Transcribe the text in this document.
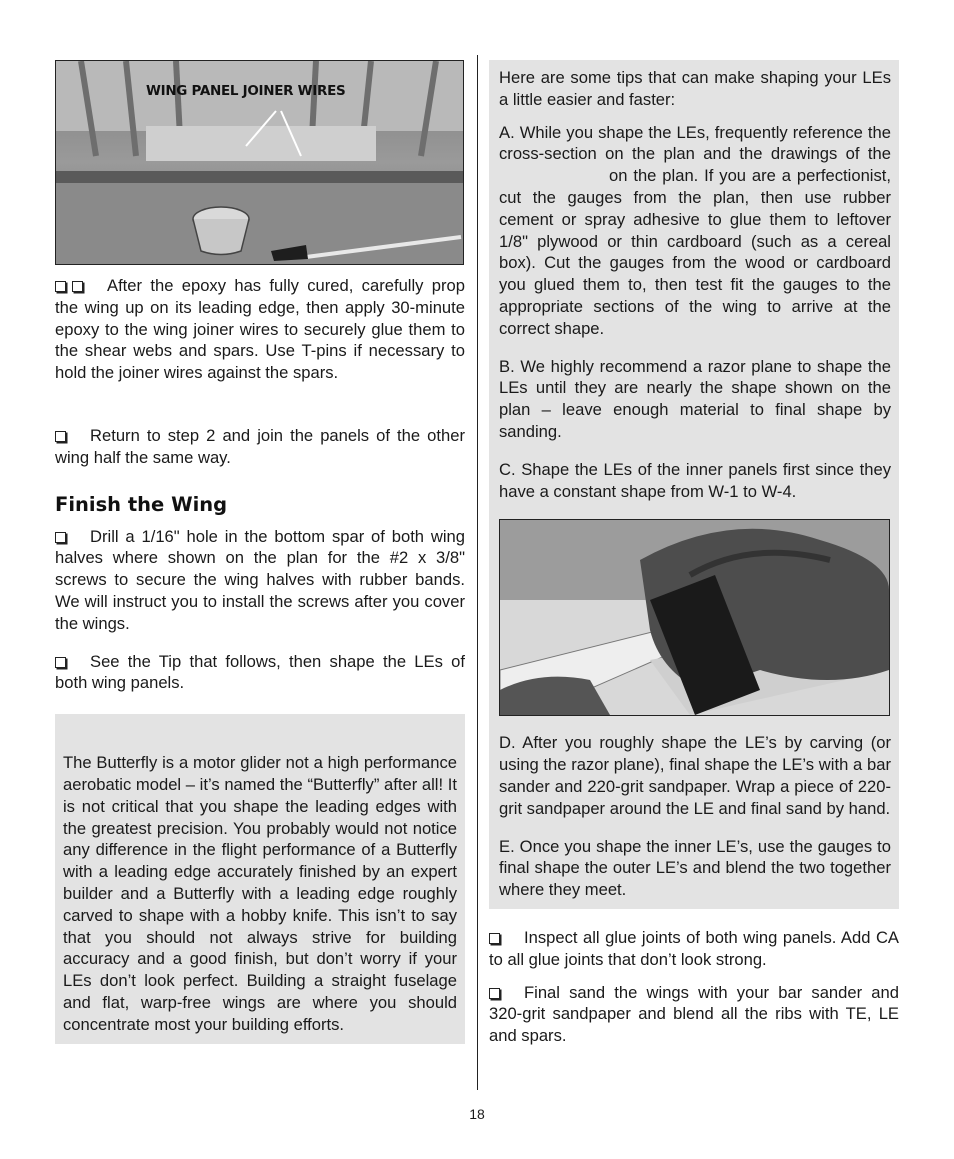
WING PANEL JOINER WIRES

After the epoxy has fully cured, carefully prop the wing up on its leading edge, then apply 30-minute epoxy to the wing joiner wires to securely glue them to the shear webs and spars. Use T-pins if necessary to hold the joiner wires against the spars.

Return to step 2 and join the panels of the other wing half the same way.

Finish the Wing

Drill a 1/16" hole in the bottom spar of both wing halves where shown on the plan for the #2 x 3/8" screws to secure the wing halves with rubber bands. We will instruct you to install the screws after you cover the wings.

See the Tip that follows, then shape the LEs of both wing panels.

The Butterfly is a motor glider not a high performance aerobatic model – it’s named the “Butterfly” after all! It is not critical that you shape the leading edges with the greatest precision. You probably would not notice any difference in the flight performance of a Butterfly with a leading edge accurately finished by an expert builder and a Butterfly with a leading edge roughly carved to shape with a hobby knife. This isn’t to say that you should not always strive for building accuracy and a good finish, but don’t worry if your LEs don’t look perfect. Building a straight fuselage and flat, warp-free wings are where you should concentrate most your building efforts.

Here are some tips that can make shaping your LEs a little easier and faster:

A. While you shape the LEs, frequently reference the cross-section on the plan and the drawings of theon the plan. If you are a perfectionist, cut the gauges from the plan, then use rubber cement or spray adhesive to glue them to leftover 1/8" plywood or thin cardboard (such as a cereal box). Cut the gauges from the wood or cardboard you glued them to, then test fit the gauges to the appropriate sections of the wing to arrive at the correct shape.

B. We highly recommend a razor plane to shape the LEs until they are nearly the shape shown on the plan – leave enough material to final shape by sanding.

C. Shape the LEs of the inner panels first since they have a constant shape from W-1 to W-4.

D. After you roughly shape the LE’s by carving (or using the razor plane), final shape the LE’s with a bar sander and 220-grit sandpaper. Wrap a piece of 220-grit sandpaper around the LE and final sand by hand.

E. Once you shape the inner LE’s, use the gauges to final shape the outer LE’s and blend the two together where they meet.

Inspect all glue joints of both wing panels. Add CA to all glue joints that don’t look strong.

Final sand the wings with your bar sander and 320-grit sandpaper and blend all the ribs with TE, LE and spars.

18
